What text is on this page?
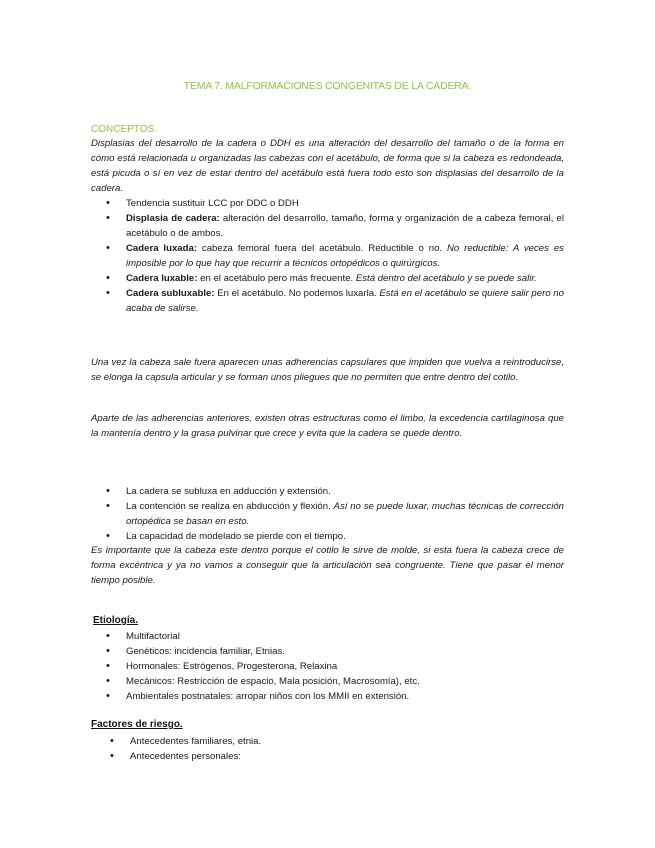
TEMA 7. MALFORMACIONES CONGENITAS DE LA CADERA.
CONCEPTOS.
Displasias del desarrollo de la cadera o DDH es una alteración del desarrollo del tamaño o de la forma en cómo está relacionada u organizadas las cabezas con el acetábulo, de forma que si la cabeza es redondeada, está picuda o sí en vez de estar dentro del acetábulo está fuera todo esto son displasias del desarrollo de la cadera.
• Tendencia sustituir LCC por DDC o DDH
• Displasia de cadera: alteración del desarrollo, tamaño, forma y organización de a cabeza femoral, el acetábulo o de ambos.
• Cadera luxada: cabeza femoral fuera del acetábulo. Reductible o no. No reductible: A veces es imposible por lo que hay que recurrir a técnicos ortopédicos o quirúrgicos.
• Cadera luxable: en el acetábulo pero más frecuente. Está dentro del acetábulo y se puede salir.
• Cadera subluxable: En el acetábulo. No podemos luxarla. Está en el acetábulo se quiere salir pero no acaba de salirse.
Una vez la cabeza sale fuera aparecen unas adherencias capsulares que impiden que vuelva a reintroducirse, se elonga la capsula articular y se forman unos pliegues que no permiten que entre dentro del cotilo.
Aparte de las adherencias anteriores, existen otras estructuras como el limbo, la excedencia cartilaginosa que la mantenía dentro y la grasa pulvinar que crece y evita que la cadera se quede dentro.
• La cadera se subluxa en adducción y extensión.
• La contención se realiza en abducción y flexión. Así no se puede luxar, muchas técnicas de corrección ortopédica se basan en esto.
• La capacidad de modelado se pierde con el tiempo.
Es importante que la cabeza este dentro porque el cotilo le sirve de molde, si esta fuera la cabeza crece de forma excéntrica y ya no vamos a conseguir que la articulación sea congruente. Tiene que pasar el menor tiempo posible.
Etiología.
• Multifactorial
• Genéticos: incidencia familiar, Etnias.
• Hormonales: Estrógenos, Progesterona, Relaxina
• Mecánicos: Restricción de espacio, Mala posición, Macrosomía), etc.
• Ambientales postnatales: arropar niños con los MMII en extensión.
Factores de riesgo.
• Antecedentes familiares, etnia.
• Antecedentes personales:
